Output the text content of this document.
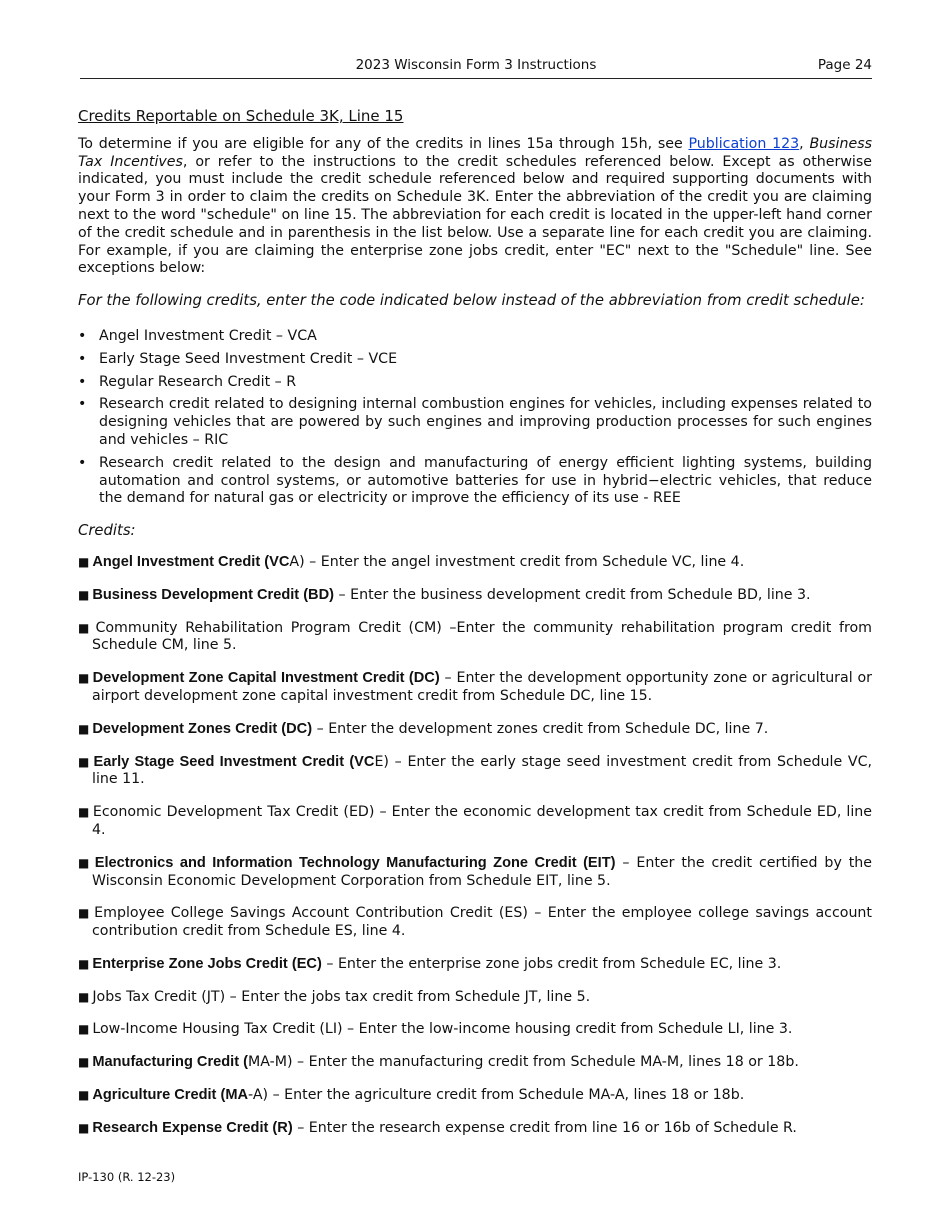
2023 Wisconsin Form 3 Instructions	Page 24

Credits Reportable on Schedule 3K, Line 15

To determine if you are eligible for any of the credits in lines 15a through 15h, see Publication 123, Business Tax Incentives, or refer to the instructions to the credit schedules referenced below. Except as otherwise indicated, you must include the credit schedule referenced below and required supporting documents with your Form 3 in order to claim the credits on Schedule 3K. Enter the abbreviation of the credit you are claiming next to the word "schedule" on line 15. The abbreviation for each credit is located in the upper-left hand corner of the credit schedule and in parenthesis in the list below. Use a separate line for each credit you are claiming. For example, if you are claiming the enterprise zone jobs credit, enter "EC" next to the "Schedule" line. See exceptions below:

For the following credits, enter the code indicated below instead of the abbreviation from credit schedule:

• Angel Investment Credit – VCA
• Early Stage Seed Investment Credit – VCE
• Regular Research Credit – R
• Research credit related to designing internal combustion engines for vehicles, including expenses related to designing vehicles that are powered by such engines and improving production processes for such engines and vehicles – RIC
• Research credit related to the design and manufacturing of energy efficient lighting systems, building automation and control systems, or automotive batteries for use in hybrid−electric vehicles, that reduce the demand for natural gas or electricity or improve the efficiency of its use - REE

Credits:

■ Angel Investment Credit (VCA) – Enter the angel investment credit from Schedule VC, line 4.

■ Business Development Credit (BD) – Enter the business development credit from Schedule BD, line 3.

■ Community Rehabilitation Program Credit (CM) –Enter the community rehabilitation program credit from Schedule CM, line 5.

■ Development Zone Capital Investment Credit (DC) – Enter the development opportunity zone or agricultural or airport development zone capital investment credit from Schedule DC, line 15.

■ Development Zones Credit (DC) – Enter the development zones credit from Schedule DC, line 7.

■ Early Stage Seed Investment Credit (VCE) – Enter the early stage seed investment credit from Schedule VC, line 11.

■ Economic Development Tax Credit (ED) – Enter the economic development tax credit from Schedule ED, line 4.

■ Electronics and Information Technology Manufacturing Zone Credit (EIT) – Enter the credit certified by the Wisconsin Economic Development Corporation from Schedule EIT, line 5.

■ Employee College Savings Account Contribution Credit (ES) – Enter the employee college savings account contribution credit from Schedule ES, line 4.

■ Enterprise Zone Jobs Credit (EC) – Enter the enterprise zone jobs credit from Schedule EC, line 3.

■ Jobs Tax Credit (JT) – Enter the jobs tax credit from Schedule JT, line 5.

■ Low-Income Housing Tax Credit (LI) – Enter the low-income housing credit from Schedule LI, line 3.

■ Manufacturing Credit (MA-M) – Enter the manufacturing credit from Schedule MA-M, lines 18 or 18b.

■ Agriculture Credit (MA-A) – Enter the agriculture credit from Schedule MA-A, lines 18 or 18b.

■ Research Expense Credit (R) – Enter the research expense credit from line 16 or 16b of Schedule R.

IP-130 (R. 12-23)
